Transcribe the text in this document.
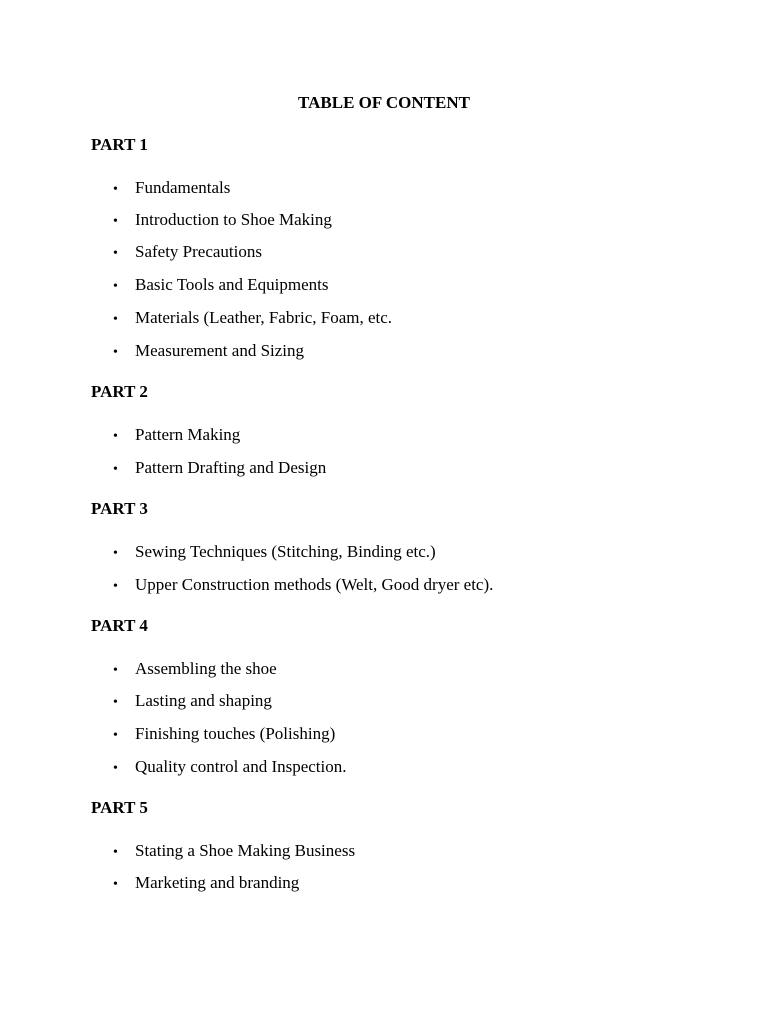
TABLE OF CONTENT
PART 1
• Fundamentals
• Introduction to Shoe Making
• Safety Precautions
• Basic Tools and Equipments
• Materials (Leather, Fabric, Foam, etc.
• Measurement and Sizing
PART 2
• Pattern Making
• Pattern Drafting and Design
PART 3
• Sewing Techniques (Stitching, Binding etc.)
• Upper Construction methods (Welt, Good dryer etc).
PART 4
• Assembling the shoe
• Lasting and shaping
• Finishing touches (Polishing)
• Quality control and Inspection.
PART 5
• Stating a Shoe Making Business
• Marketing and branding
